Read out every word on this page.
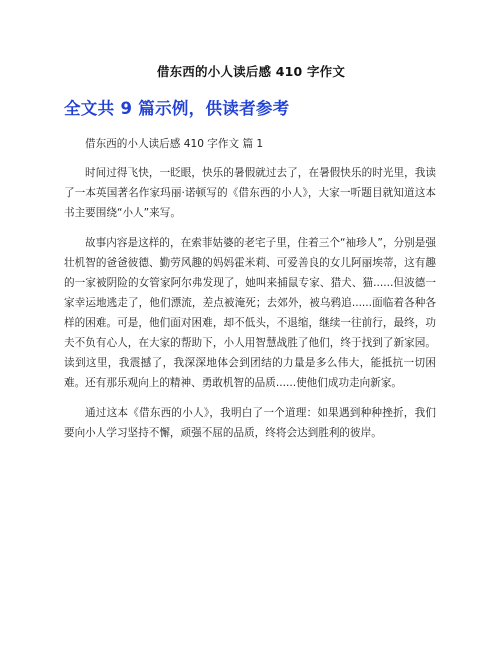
借东西的小人读后感 410 字作文
全文共 9 篇示例，供读者参考

借东西的小人读后感 410 字作文 篇 1

时间过得飞快，一眨眼，快乐的暑假就过去了，在暑假快乐的时光里，我读了一本英国著名作家玛丽·诺顿写的《借东西的小人》，大家一听题目就知道这本书主要围绕“小人”来写。

故事内容是这样的，在索菲姑婆的老宅子里，住着三个“袖珍人”，分别是强壮机智的爸爸彼德、勤劳风趣的妈妈霍米莉、可爱善良的女儿阿丽埃蒂，这有趣的一家被阴险的女管家阿尔弗发现了，她叫来捕鼠专家、猎犬、猫......但波德一家幸运地逃走了，他们漂流，差点被淹死；去郊外，被乌鸦追......面临着各种各样的困难。可是，他们面对困难，却不低头，不退缩，继续一往前行，最终，功夫不负有心人，在大家的帮助下，小人用智慧战胜了他们，终于找到了新家园。读到这里，我震撼了，我深深地体会到团结的力量是多么伟大，能抵抗一切困难。还有那乐观向上的精神、勇敢机智的品质......使他们成功走向新家。

通过这本《借东西的小人》，我明白了一个道理：如果遇到种种挫折，我们要向小人学习坚持不懈，顽强不屈的品质，终将会达到胜利的彼岸。
